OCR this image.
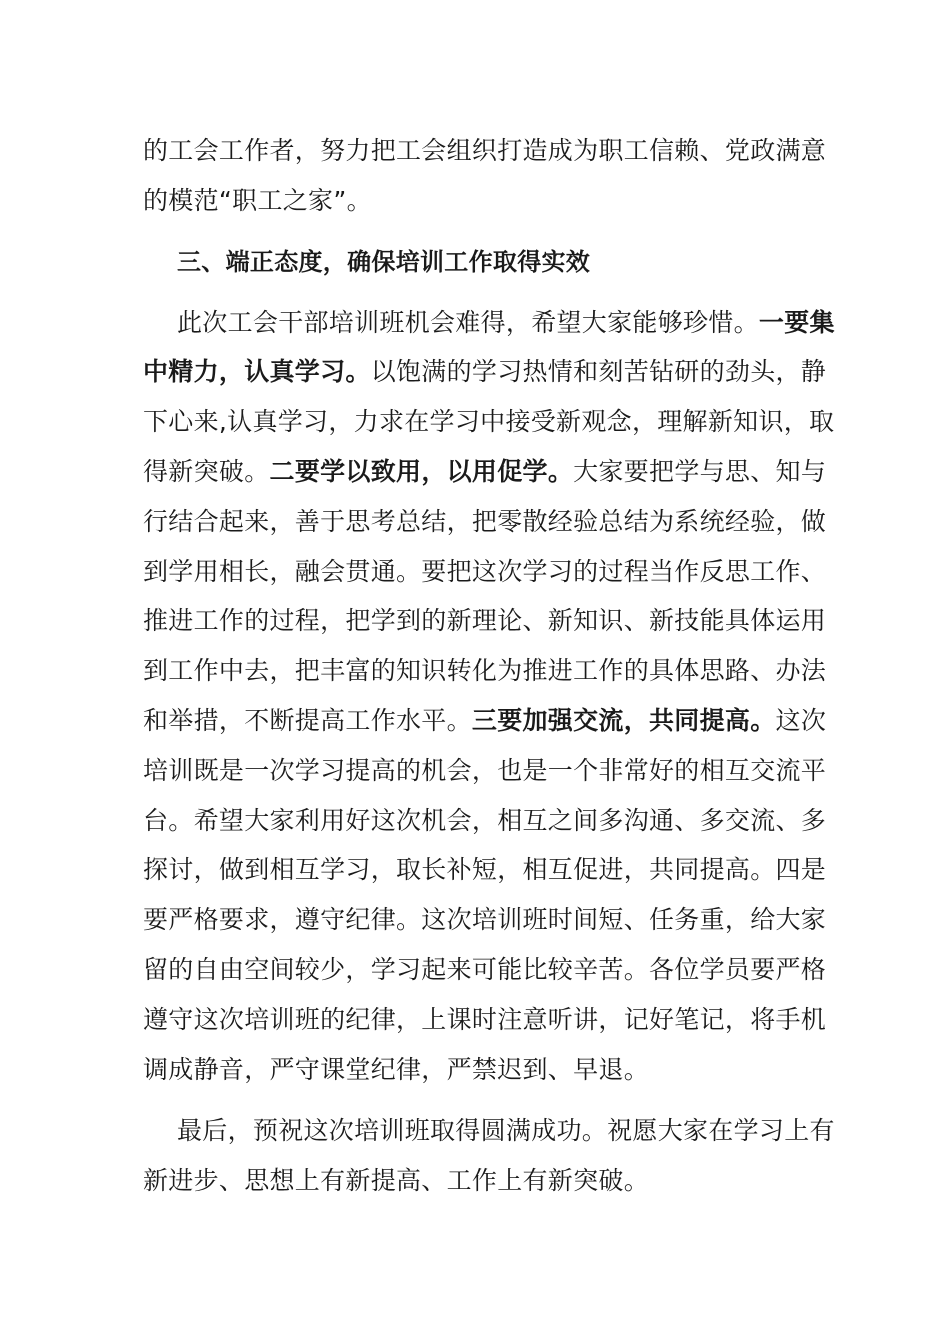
的工会工作者，努力把工会组织打造成为职工信赖、党政满意
的模范“职工之家”。

三、端正态度，确保培训工作取得实效

此次工会干部培训班机会难得，希望大家能够珍惜。一要集
中精力，认真学习。以饱满的学习热情和刻苦钻研的劲头，静
下心来,认真学习，力求在学习中接受新观念，理解新知识，取
得新突破。二要学以致用，以用促学。大家要把学与思、知与
行结合起来，善于思考总结，把零散经验总结为系统经验，做
到学用相长，融会贯通。要把这次学习的过程当作反思工作、
推进工作的过程，把学到的新理论、新知识、新技能具体运用
到工作中去，把丰富的知识转化为推进工作的具体思路、办法
和举措，不断提高工作水平。三要加强交流，共同提高。这次
培训既是一次学习提高的机会，也是一个非常好的相互交流平
台。希望大家利用好这次机会，相互之间多沟通、多交流、多
探讨，做到相互学习，取长补短，相互促进，共同提高。四是
要严格要求，遵守纪律。这次培训班时间短、任务重，给大家
留的自由空间较少，学习起来可能比较辛苦。各位学员要严格
遵守这次培训班的纪律，上课时注意听讲，记好笔记，将手机
调成静音，严守课堂纪律，严禁迟到、早退。

最后，预祝这次培训班取得圆满成功。祝愿大家在学习上有
新进步、思想上有新提高、工作上有新突破。
